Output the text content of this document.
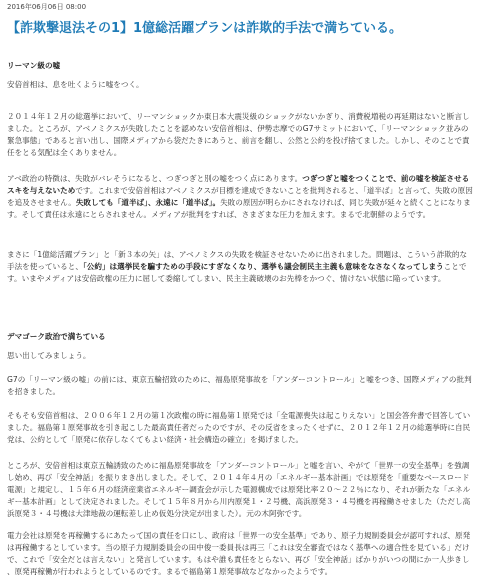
2016年06月06日 08:00
【詐欺撃退法その1】1億総活躍プランは詐欺的手法で満ちている。
リーマン級の嘘
安倍首相は、息を吐くように嘘をつく。
２０１４年１２月の総選挙において、リーマンショックか東日本大震災級のショックがないかぎり、消費税増税の再延期はないと断言しました。ところが、アベノミクスが失敗したことを認めない安倍首相は、伊勢志摩でのG7サミットにおいて、「リーマンショック並みの緊急事態」であると言い出し、国際メディアから袋だたきにあうと、前言を翻し、公然と公約を投げ捨てました。しかし、そのことで責任をとる気配は全くありません。
アベ政治の特徴は、失敗がバレそうになると、つぎつぎと別の嘘をつく点にあります。つぎつぎと嘘をつくことで、前の嘘を検証させるスキを与えないためです。これまで安倍首相はアベノミクスが目標を達成できないことを批判されると、「道半ば」と言って、失敗の原因を追及させません。失敗しても「道半ば」、永遠に「道半ば」。失敗の原因が明らかにされなければ、同じ失敗が延々と続くことになります。そして責任は永遠にとらされません。メディアが批判をすれば、さまざまな圧力を加えます。まるで北朝鮮のようです。
まさに「1億総活躍プラン」と「新３本の矢」は、アベノミクスの失敗を検証させないために出されました。問題は、こういう詐欺的な手法を使っていると、「公約」は選挙民を騙すための手段にすぎなくなり、選挙も議会制民主主義も意味をなさなくなってしまうことです。いまやメディアは安倍政権の圧力に屈して委縮してしまい、民主主義破壊のお先棒をかつぐ、情けない状態に陥っています。
デマゴーク政治で満ちている
思い出してみましょう。
G7の「リーマン級の嘘」の前には、東京五輪招致のために、福島原発事故を「アンダーコントロール」と嘘をつき、国際メディアの批判を招きました。
そもそも安倍首相は、２００６年１２月の第１次政権の時に福島第１原発では「全電源喪失は起こりえない」と国会答弁書で回答していました。福島第１原発事故を引き起こした最高責任者だったのですが、その反省をまったくせずに、２０１２年１２月の総選挙時に自民党は、公約として「原発に依存しなくてもよい経済・社会構造の確立」を掲げました。
ところが、安倍首相は東京五輪誘致のために福島原発事故を「アンダーコントロール」と嘘を言い、やがて「世界一の安全基準」を強調し始め、再び「安全神話」を振りまき出しました。そして、２０１４年４月の「エネルギー基本計画」では原発を「重要なベースロード電源」と規定し、１５年６月の経済産業省エネルギー調査会が示した電源構成では原発比率２０～２２％になり、それが新たな「エネルギー基本計画」として決定されました。そして１５年８月から川内原発１・２号機、高浜原発３・４号機を再稼働させました（ただし高浜原発３・４号機は大津地裁の運転差し止め仮処分決定が出ました）。元の木阿弥です。
電力会社は原発を再稼働するにあたって国の責任を口にし、政府は「世界一の安全基準」であり、原子力規制委員会が認可すれば、原発は再稼働するとしています。当の原子力規制委員会の田中俊一委員長は再三「これは安全審査ではなく基準への適合性を見ている」だけで、これで「安全だとは言えない」と発言しています。もはや誰も責任をとらない、再び「安全神話」ばかりがいつの間にか一人歩きし、原発再稼働が行われようとしているのです。まるで福島第１原発事故などなかったようです。
